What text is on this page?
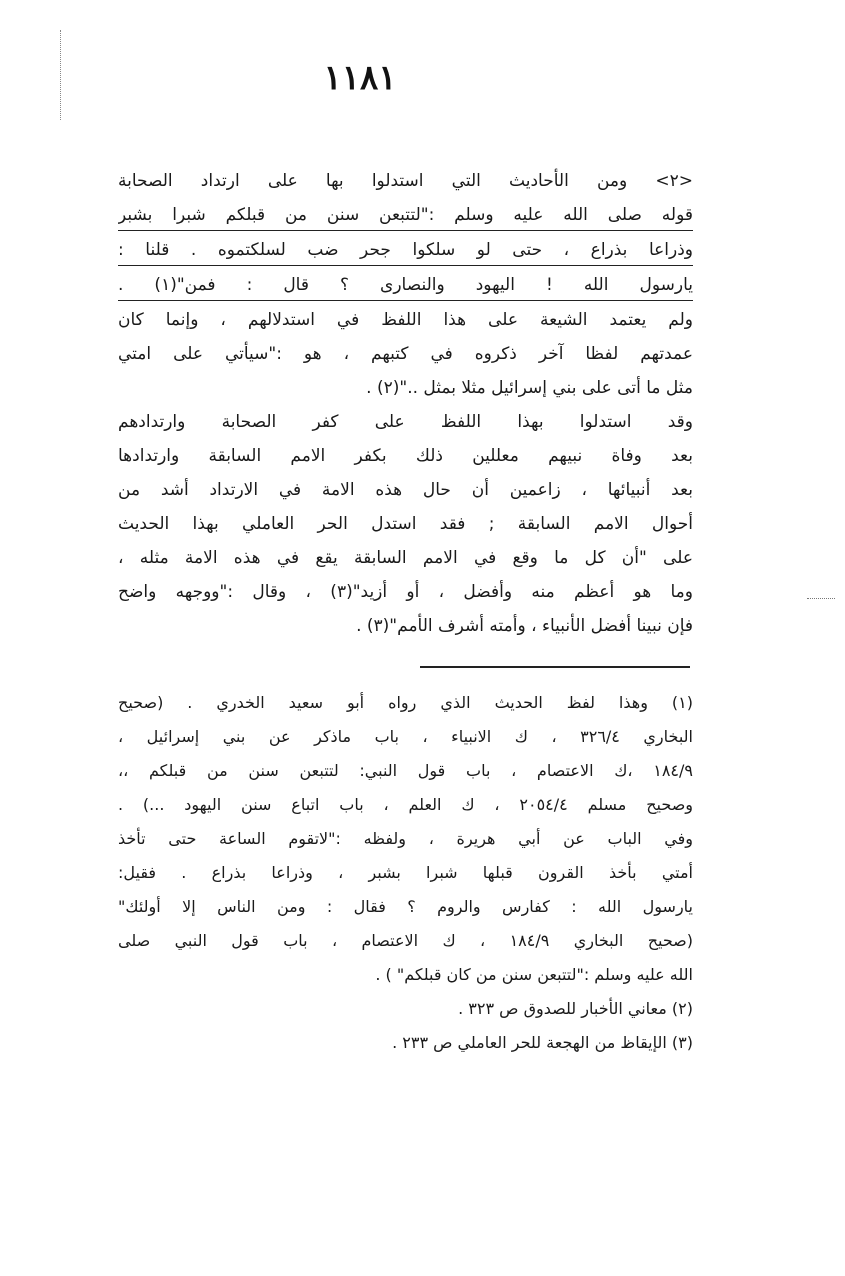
١١٨١
<٢> ومن الأحاديث التي استدلوا بها على ارتداد الصحابة
قوله صلى الله عليه وسلم :"لتتبعن سنن من قبلكم شبرا بشبر
وذراعا بذراع ، حتى لو سلكوا جحر ضب لسلكتموه . قلنا :
يارسول الله ! اليهود والنصارى ؟ قال : فمن"(١) .
ولم يعتمد الشيعة على هذا اللفظ في استدلالهم ، وإنما كان
عمدتهم لفظا آخر ذكروه في كتبهم ، هو :"سيأتي على امتي
مثل ما أتى على بني إسرائيل مثلا بمثل .."(٢) .
وقد استدلوا بهذا اللفظ على كفر الصحابة وارتدادهم
بعد وفاة نبيهم معللين ذلك بكفر الامم السابقة وارتدادها
بعد أنبيائها ، زاعمين أن حال هذه الامة في الارتداد أشد من
أحوال الامم السابقة ; فقد استدل الحر العاملي بهذا الحديث
على "أن كل ما وقع في الامم السابقة يقع في هذه الامة مثله ،
وما هو أعظم منه وأفضل ، أو أزيد"(٣) ، وقال :"ووجهه واضح
فإن نبينا أفضل الأنبياء ، وأمته أشرف الأمم"(٣) .
(١) وهذا لفظ الحديث الذي رواه أبو سعيد الخدري . (صحيح
البخاري ٣٢٦/٤ ، ك الانبياء ، باب ماذكر عن بني إسرائيل ،
١٨٤/٩ ،ك الاعتصام ، باب قول النبي: لتتبعن سنن من قبلكم ،،
وصحيح مسلم ٢٠٥٤/٤ ، ك العلم ، باب اتباع سنن اليهود ...) .
وفي الباب عن أبي هريرة ، ولفظه :"لاتقوم الساعة حتى تأخذ
أمتي بأخذ القرون قبلها شبرا بشبر ، وذراعا بذراع . فقيل:
يارسول الله : كفارس والروم ؟ فقال : ومن الناس إلا أولئك"
(صحيح البخاري ١٨٤/٩ ، ك الاعتصام ، باب قول النبي صلى
الله عليه وسلم :"لتتبعن سنن من كان قبلكم" ) .
(٢) معاني الأخبار للصدوق ص ٣٢٣ .
(٣) الإيقاظ من الهجعة للحر العاملي ص ٢٣٣ .
